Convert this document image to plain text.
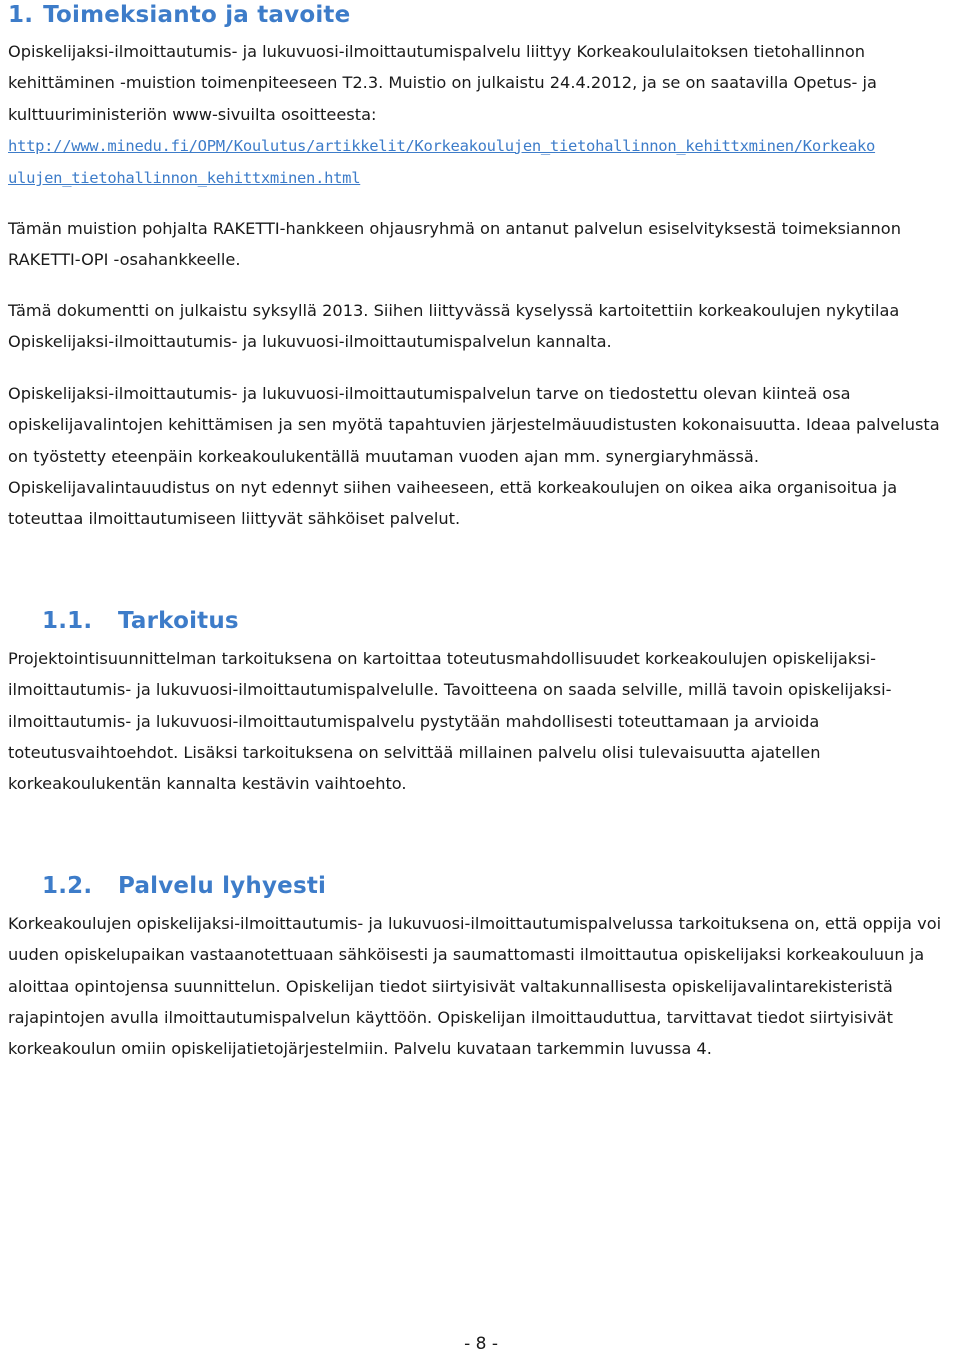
1. Toimeksianto ja tavoite

Opiskelijaksi-ilmoittautumis- ja lukuvuosi-ilmoittautumispalvelu liittyy Korkeakoululaitoksen tietohallinnon kehittäminen -muistion toimenpiteeseen T2.3. Muistio on julkaistu 24.4.2012, ja se on saatavilla Opetus- ja kulttuuriministeriön www-sivuilta osoitteesta:
http://www.minedu.fi/OPM/Koulutus/artikkelit/Korkeakoulujen_tietohallinnon_kehittxminen/Korkeako
ulujen_tietohallinnon_kehittxminen.html

Tämän muistion pohjalta RAKETTI-hankkeen ohjausryhmä on antanut palvelun esiselvityksestä toimeksiannon RAKETTI-OPI -osahankkeelle.

Tämä dokumentti on julkaistu syksyllä 2013. Siihen liittyvässä kyselyssä kartoitettiin korkeakoulujen nykytilaa Opiskelijaksi-ilmoittautumis- ja lukuvuosi-ilmoittautumispalvelun kannalta.

Opiskelijaksi-ilmoittautumis- ja lukuvuosi-ilmoittautumispalvelun tarve on tiedostettu olevan kiinteä osa opiskelijavalintojen kehittämisen ja sen myötä tapahtuvien järjestelmäuudistusten kokonaisuutta. Ideaa palvelusta on työstetty eteenpäin korkeakoulukentällä muutaman vuoden ajan mm. synergiaryhmässä. Opiskelijavalintauudistus on nyt edennyt siihen vaiheeseen, että korkeakoulujen on oikea aika organisoitua ja toteuttaa ilmoittautumiseen liittyvät sähköiset palvelut.

1.1. Tarkoitus

Projektointisuunnittelman tarkoituksena on kartoittaa toteutusmahdollisuudet korkeakoulujen opiskelijaksi-ilmoittautumis- ja lukuvuosi-ilmoittautumispalvelulle. Tavoitteena on saada selville, millä tavoin opiskelijaksi-ilmoittautumis- ja lukuvuosi-ilmoittautumispalvelu pystytään mahdollisesti toteuttamaan ja arvioida toteutusvaihtoehdot. Lisäksi tarkoituksena on selvittää millainen palvelu olisi tulevaisuutta ajatellen korkeakoulukentän kannalta kestävin vaihtoehto.

1.2. Palvelu lyhyesti

Korkeakoulujen opiskelijaksi-ilmoittautumis- ja lukuvuosi-ilmoittautumispalvelussa tarkoituksena on, että oppija voi uuden opiskelupaikan vastaanotettuaan sähköisesti ja saumattomasti ilmoittautua opiskelijaksi korkeakouluun ja aloittaa opintojensa suunnittelun. Opiskelijan tiedot siirtyisivät valtakunnallisesta opiskelijavalintarekisteristä rajapintojen avulla ilmoittautumispalvelun käyttöön. Opiskelijan ilmoittauduttua, tarvittavat tiedot siirtyisivät korkeakoulun omiin opiskelijatietojärjestelmiin. Palvelu kuvataan tarkemmin luvussa 4.

- 8 -
